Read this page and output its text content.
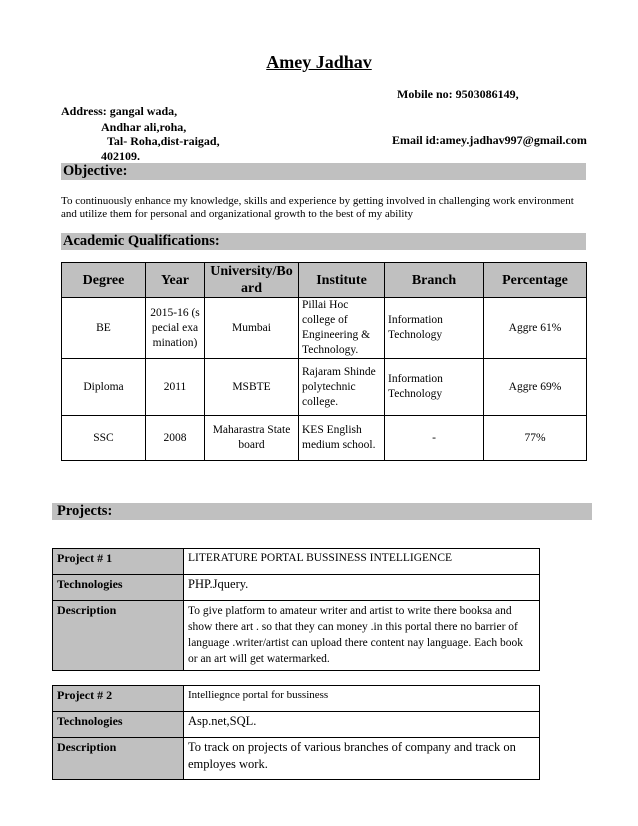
Amey Jadhav
Mobile no: 9503086149,
Address: gangal wada,
Andhar ali,roha,
Tal- Roha,dist-raigad,
402109.
Email id:amey.jadhav997@gmail.com
Objective:
To continuously enhance my knowledge, skills and experience by getting involved in challenging work environment and utilize them for personal and organizational growth to the best of my ability
Academic Qualifications:
Degree	Year	University/Board	Institute	Branch	Percentage
BE	2015-16 (special examination)	Mumbai	Pillai Hoc college of Engineering & Technology.	Information Technology	Aggre 61%
Diploma	2011	MSBTE	Rajaram Shinde polytechnic college.	Information Technology	Aggre 69%
SSC	2008	Maharastra State board	KES English medium school.	-	77%
Projects:
Project # 1	LITERATURE PORTAL BUSSINESS INTELLIGENCE
Technologies	PHP.Jquery.
Description	To give platform to amateur writer and artist to write there booksa and show there art . so that they can money .in this portal there no barrier of language .writer/artist can upload there content nay language. Each book or an art will get watermarked.
Project # 2	Intelliegnce portal for bussiness
Technologies	Asp.net,SQL.
Description	To track on projects of various branches of company and track on employes work.
